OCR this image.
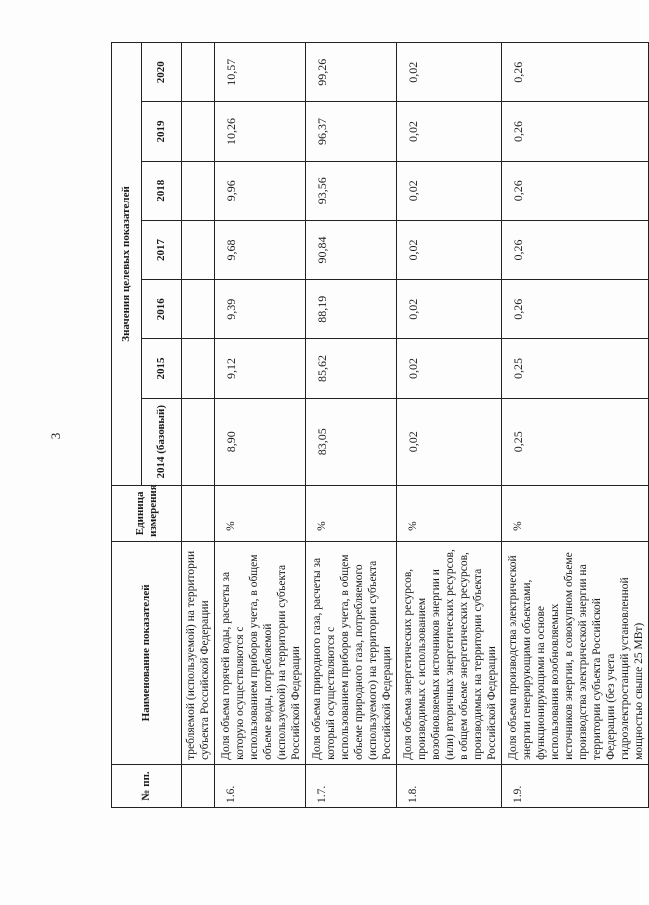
3
№ пп.	Наименование показателей	Единица измерения	Значения целевых показателей						
			2014 (базовый)	2015	2016	2017	2018	2019	2020
	требляемой (используемой) на территории субъекта Российской Федерации								
1.6.	Доля объема горячей воды, расчеты за которую осуществляются с использованием приборов учета, в общем объеме воды, потребляемой (используемой) на территории субъекта Российской Федерации	%	8,90	9,12	9,39	9,68	9,96	10,26	10,57
1.7.	Доля объема природного газа, расчеты за который осуществляются с использованием приборов учета, в общем объеме природного газа, потребляемого (используемого) на территории субъекта Российской Федерации	%	83,05	85,62	88,19	90,84	93,56	96,37	99,26
1.8.	Доля объема энергетических ресурсов, производимых с использованием возобновляемых источников энергии и (или) вторичных энергетических ресурсов, в общем объеме энергетических ресурсов, производимых на территории субъекта Российской Федерации	%	0,02	0,02	0,02	0,02	0,02	0,02	0,02
1.9.	Доля объема производства электрической энергии генерирующими объектами, функционирующими на основе использования возобновляемых источников энергии, в совокупном объеме производства электрической энергии на территории субъекта Российской Федерации (без учета гидроэлектростанций установленной мощностью свыше 25 МВт)	%	0,25	0,25	0,26	0,26	0,26	0,26	0,26
